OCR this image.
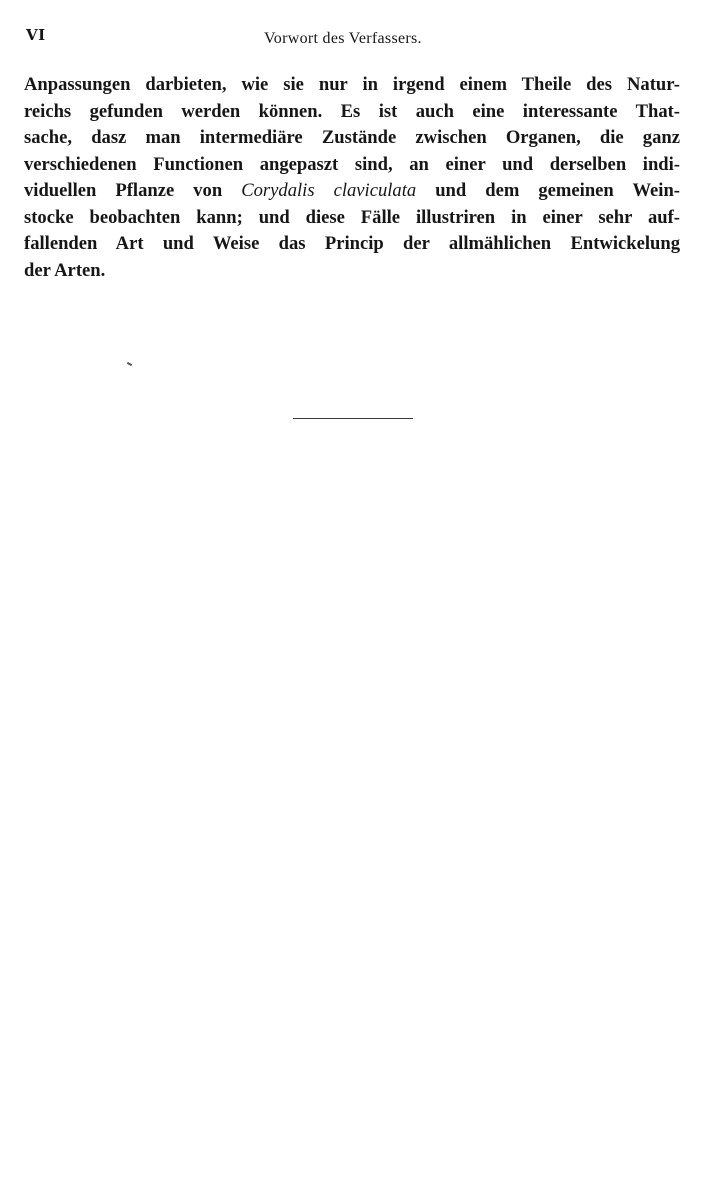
VI	Vorwort des Verfassers.
Anpassungen darbieten, wie sie nur in irgend einem Theile des Natur-
reichs gefunden werden können. Es ist auch eine interessante That-
sache, dasz man intermediäre Zustände zwischen Organen, die ganz
verschiedenen Functionen angepaszt sind, an einer und derselben indi-
viduellen Pflanze von Corydalis claviculata und dem gemeinen Wein-
stocke beobachten kann; und diese Fälle illustriren in einer sehr auf-
fallenden Art und Weise das Princip der allmählichen Entwickelung
der Arten.
